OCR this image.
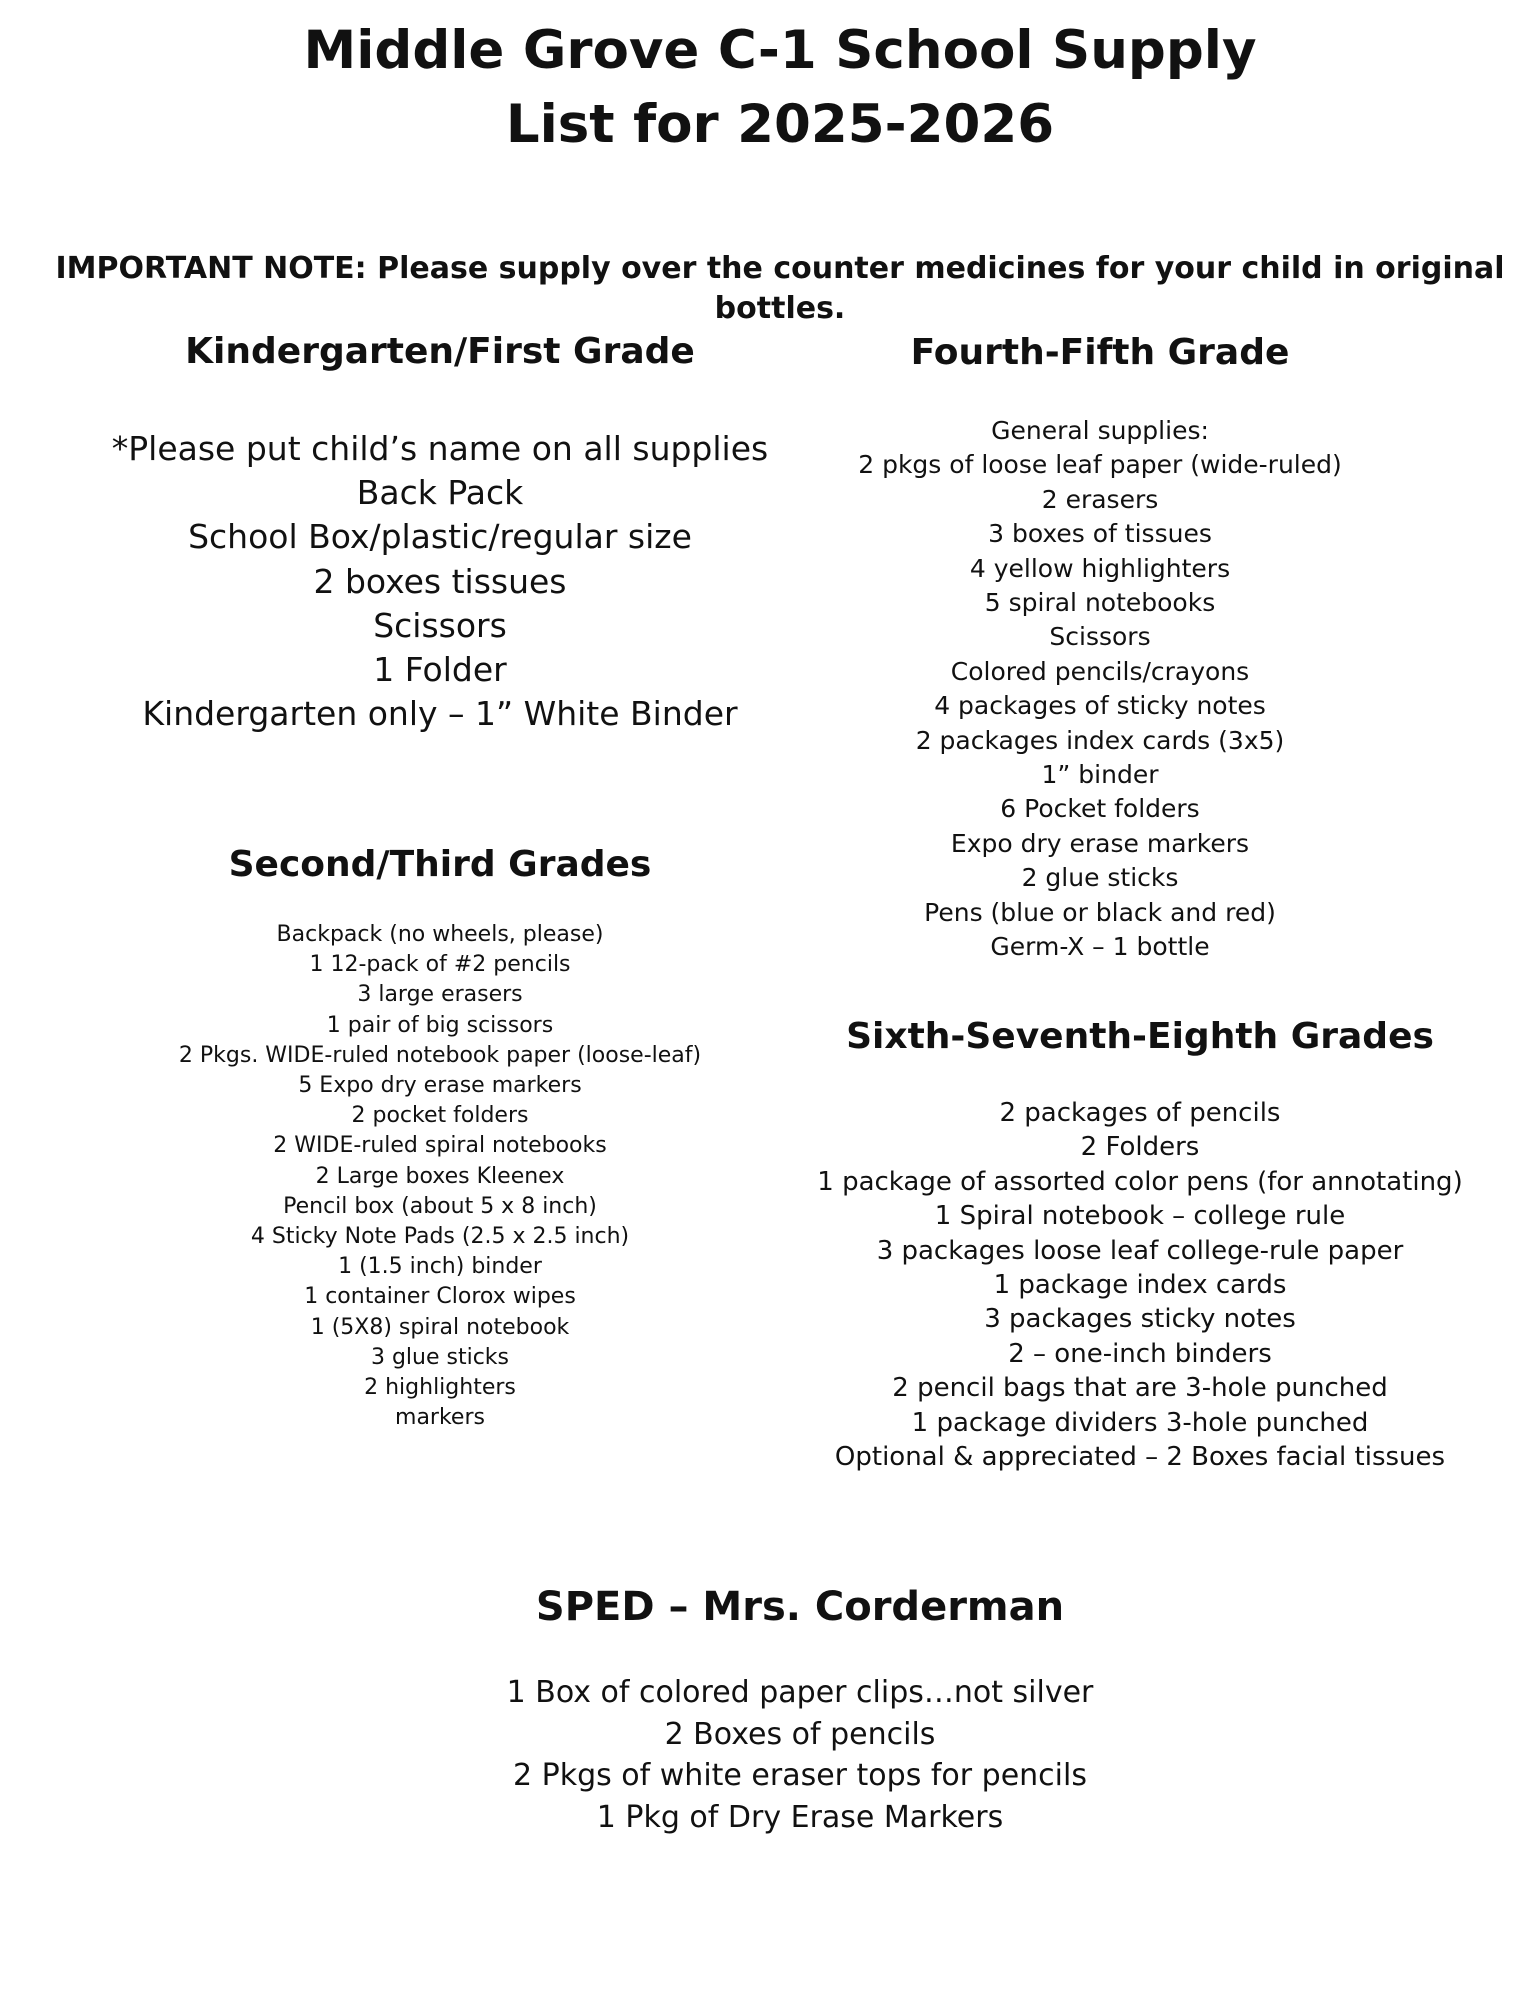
Middle Grove C-1 School Supply
List for 2025-2026
IMPORTANT NOTE: Please supply over the counter medicines for your child in original bottles.
Kindergarten/First Grade
*Please put child’s name on all supplies
Back Pack
School Box/plastic/regular size
2 boxes tissues
Scissors
1 Folder
Kindergarten only – 1” White Binder
Second/Third Grades
Backpack (no wheels, please)
1 12-pack of #2 pencils
3 large erasers
1 pair of big scissors
2 Pkgs. WIDE-ruled notebook paper (loose-leaf)
5 Expo dry erase markers
2 pocket folders
2 WIDE-ruled spiral notebooks
2 Large boxes Kleenex
Pencil box (about 5 x 8 inch)
4 Sticky Note Pads (2.5 x 2.5 inch)
1 (1.5 inch) binder
1 container Clorox wipes
1 (5X8) spiral notebook
3 glue sticks
2 highlighters
markers
Fourth-Fifth Grade
General supplies:
2 pkgs of loose leaf paper (wide-ruled)
2 erasers
3 boxes of tissues
4 yellow highlighters
5 spiral notebooks
Scissors
Colored pencils/crayons
4 packages of sticky notes
2 packages index cards (3x5)
1” binder
6 Pocket folders
Expo dry erase markers
2 glue sticks
Pens (blue or black and red)
Germ-X – 1 bottle
Sixth-Seventh-Eighth Grades
2 packages of pencils
2 Folders
1 package of assorted color pens (for annotating)
1 Spiral notebook – college rule
3 packages loose leaf college-rule paper
1 package index cards
3 packages sticky notes
2 – one-inch binders
2 pencil bags that are 3-hole punched
1 package dividers 3-hole punched
Optional & appreciated – 2 Boxes facial tissues
SPED – Mrs. Corderman
1 Box of colored paper clips…not silver
2 Boxes of pencils
2 Pkgs of white eraser tops for pencils
1 Pkg of Dry Erase Markers
